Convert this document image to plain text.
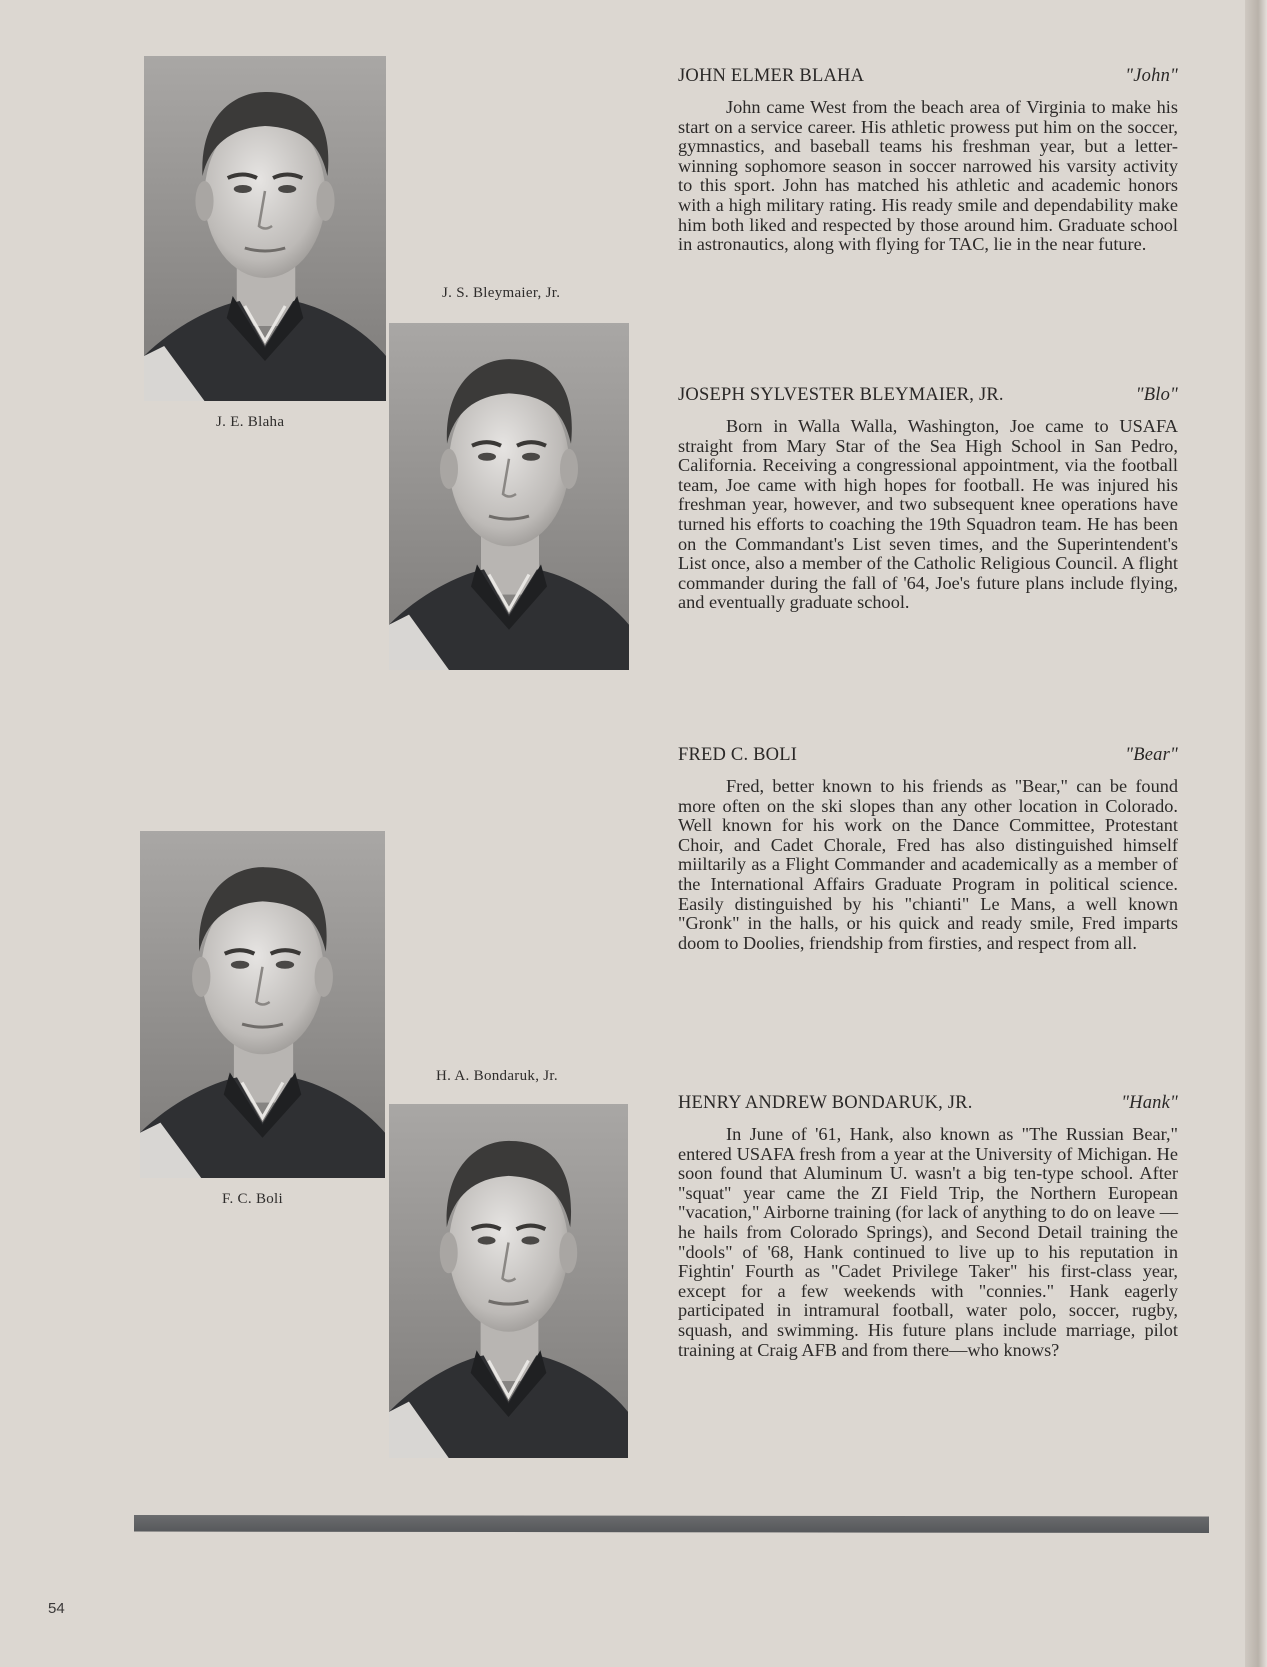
J. E. Blaha
J. S. Bleymaier, Jr.
F. C. Boli
H. A. Bondaruk, Jr.
JOHN ELMER BLAHA	"John"

John came West from the beach area of Virginia to make his start on a service career. His athletic prowess put him on the soccer, gymnastics, and baseball teams his freshman year, but a letter-winning sophomore season in soccer narrowed his varsity activity to this sport. John has matched his athletic and academic honors with a high military rating. His ready smile and dependability make him both liked and respected by those around him. Graduate school in astronautics, along with flying for TAC, lie in the near future.

JOSEPH SYLVESTER BLEYMAIER, JR.	"Blo"

Born in Walla Walla, Washington, Joe came to USAFA straight from Mary Star of the Sea High School in San Pedro, California. Receiving a congressional appointment, via the football team, Joe came with high hopes for football. He was injured his freshman year, however, and two subsequent knee operations have turned his efforts to coaching the 19th Squadron team. He has been on the Commandant's List seven times, and the Superintendent's List once, also a member of the Catholic Religious Council. A flight commander during the fall of '64, Joe's future plans include flying, and eventually graduate school.

FRED C. BOLI	"Bear"

Fred, better known to his friends as "Bear," can be found more often on the ski slopes than any other location in Colorado. Well known for his work on the Dance Committee, Protestant Choir, and Cadet Chorale, Fred has also distinguished himself miiltarily as a Flight Commander and academically as a member of the International Affairs Graduate Program in political science. Easily distinguished by his "chianti" Le Mans, a well known "Gronk" in the halls, or his quick and ready smile, Fred imparts doom to Doolies, friendship from firsties, and respect from all.

HENRY ANDREW BONDARUK, JR.	"Hank"

In June of '61, Hank, also known as "The Russian Bear," entered USAFA fresh from a year at the University of Michigan. He soon found that Aluminum U. wasn't a big ten-type school. After "squat" year came the ZI Field Trip, the Northern European "vacation," Airborne training (for lack of anything to do on leave — he hails from Colorado Springs), and Second Detail training the "dools" of '68, Hank continued to live up to his reputation in Fightin' Fourth as "Cadet Privilege Taker" his first-class year, except for a few weekends with "connies." Hank eagerly participated in intramural football, water polo, soccer, rugby, squash, and swimming. His future plans include marriage, pilot training at Craig AFB and from there—who knows?

54
